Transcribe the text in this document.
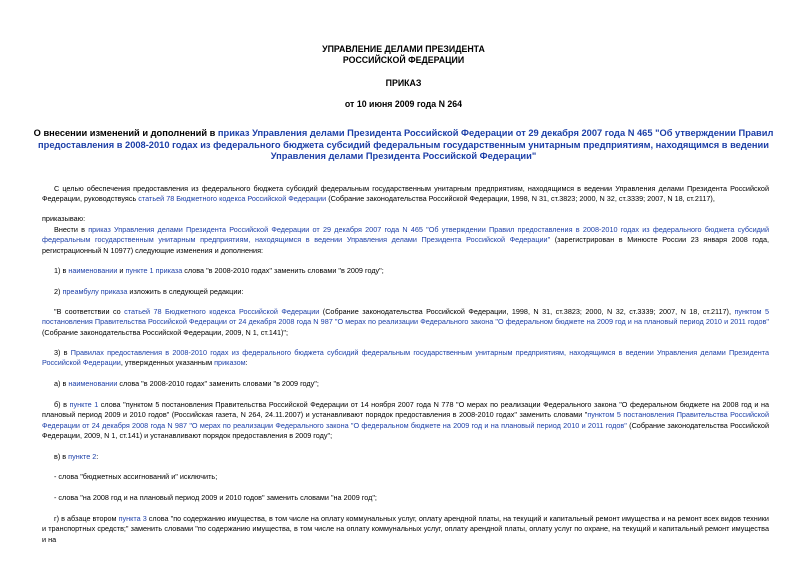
УПРАВЛЕНИЕ ДЕЛАМИ ПРЕЗИДЕНТА
РОССИЙСКОЙ ФЕДЕРАЦИИ
ПРИКАЗ
от 10 июня 2009 года N 264
О внесении изменений и дополнений в приказ Управления делами Президента Российской Федерации от 29 декабря 2007 года N 465 "Об утверждении Правил предоставления в 2008-2010 годах из федерального бюджета субсидий федеральным государственным унитарным предприятиям, находящимся в ведении Управления делами Президента Российской Федерации"
С целью обеспечения предоставления из федерального бюджета субсидий федеральным государственным унитарным предприятиям, находящимся в ведении Управления делами Президента Российской Федерации, руководствуясь статьей 78 Бюджетного кодекса Российской Федерации (Собрание законодательства Российской Федерации, 1998, N 31, ст.3823; 2000, N 32, ст.3339; 2007, N 18, ст.2117),
приказываю:
Внести в приказ Управления делами Президента Российской Федерации от 29 декабря 2007 года N 465 "Об утверждении Правил предоставления в 2008-2010 годах из федерального бюджета субсидий федеральным государственным унитарным предприятиям, находящимся в ведении Управления делами Президента Российской Федерации" (зарегистрирован в Минюсте России 23 января 2008 года, регистрационный N 10977) следующие изменения и дополнения:
1) в наименовании и пункте 1 приказа слова "в 2008-2010 годах" заменить словами "в 2009 году";
2) преамбулу приказа изложить в следующей редакции:
"В соответствии со статьей 78 Бюджетного кодекса Российской Федерации (Собрание законодательства Российской Федерации, 1998, N 31, ст.3823; 2000, N 32, ст.3339; 2007, N 18, ст.2117), пунктом 5 постановления Правительства Российской Федерации от 24 декабря 2008 года N 987 "О мерах по реализации Федерального закона "О федеральном бюджете на 2009 год и на плановый период 2010 и 2011 годов" (Собрание законодательства Российской Федерации, 2009, N 1, ст.141)";
3) в Правилах предоставления в 2008-2010 годах из федерального бюджета субсидий федеральным государственным унитарным предприятиям, находящимся в ведении Управления делами Президента Российской Федерации, утвержденных указанным приказом:
а) в наименовании слова "в 2008-2010 годах" заменить словами "в 2009 году";
б) в пункте 1 слова "пунктом 5 постановления Правительства Российской Федерации от 14 ноября 2007 года N 778 "О мерах по реализации Федерального закона "О федеральном бюджете на 2008 год и на плановый период 2009 и 2010 годов" (Российская газета, N 264, 24.11.2007) и устанавливают порядок предоставления в 2008-2010 годах" заменить словами "пунктом 5 постановления Правительства Российской Федерации от 24 декабря 2008 года N 987 "О мерах по реализации Федерального закона "О федеральном бюджете на 2009 год и на плановый период 2010 и 2011 годов" (Собрание законодательства Российской Федерации, 2009, N 1, ст.141) и устанавливают порядок предоставления в 2009 году";
в) в пункте 2:
- слова "бюджетных ассигнований и" исключить;
- слова "на 2008 год и на плановый период 2009 и 2010 годов" заменить словами "на 2009 год";
г) в абзаце втором пункта 3 слова "по содержанию имущества, в том числе на оплату коммунальных услуг, оплату арендной платы, на текущий и капитальный ремонт имущества и на ремонт всех видов техники и транспортных средств;" заменить словами "по содержанию имущества, в том числе на оплату коммунальных услуг, оплату арендной платы, оплату услуг по охране, на текущий и капитальный ремонт имущества и на
